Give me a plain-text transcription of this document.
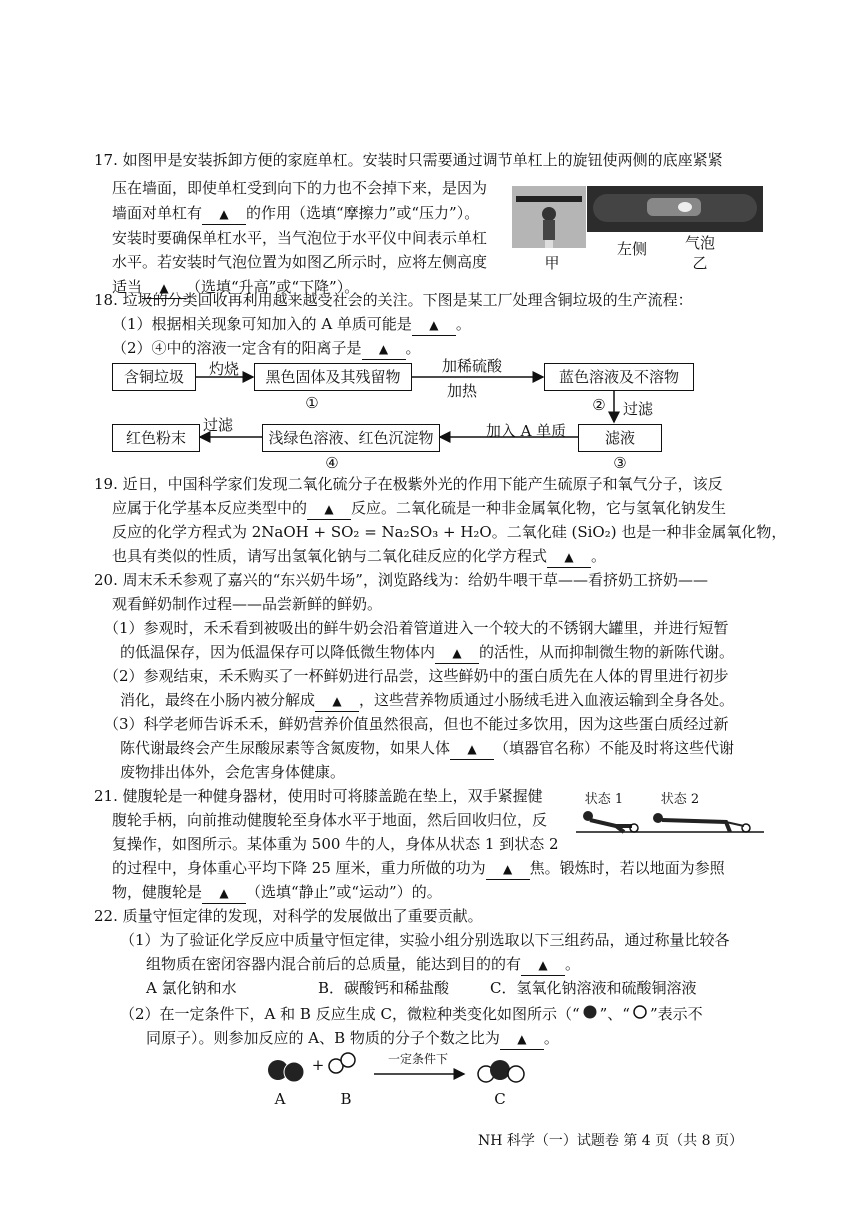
17. 如图甲是安装拆卸方便的家庭单杠。安装时只需要通过调节单杠上的旋钮使两侧的底座紧紧
压在墙面，即使单杠受到向下的力也不会掉下来，是因为
墙面对单杠有 ▲ 的作用（选填“摩擦力”或“压力”）。
安装时要确保单杠水平，当气泡位于水平仪中间表示单杠
水平。若安装时气泡位置为如图乙所示时，应将左侧高度
适当 ▲ （选填“升高”或“下降”）。
甲
左侧	气泡
乙
18. 垃圾的分类回收再利用越来越受社会的关注。下图是某工厂处理含铜垃圾的生产流程：
（1）根据相关现象可知加入的 A 单质可能是 ▲ 。
（2）④中的溶液一定含有的阳离子是 ▲ 。
含铜垃圾	灼烧	黑色固体及其残留物
①
加稀硫酸
加热
蓝色溶液及不溶物
②	过滤
滤液
③
加入 A 单质
浅绿色溶液、红色沉淀物
④
过滤
红色粉末
19. 近日，中国科学家们发现二氧化硫分子在极紫外光的作用下能产生硫原子和氧气分子，该反
应属于化学基本反应类型中的 ▲ 反应。二氧化硫是一种非金属氧化物，它与氢氧化钠发生
反应的化学方程式为 2NaOH + SO₂ = Na₂SO₃ + H₂O。二氧化硅 (SiO₂) 也是一种非金属氧化物，
也具有类似的性质，请写出氢氧化钠与二氧化硅反应的化学方程式 ▲ 。
20. 周末禾禾参观了嘉兴的“东兴奶牛场”，浏览路线为：给奶牛喂干草——看挤奶工挤奶——
观看鲜奶制作过程——品尝新鲜的鲜奶。
（1）参观时，禾禾看到被吸出的鲜牛奶会沿着管道进入一个较大的不锈钢大罐里，并进行短暂
的低温保存，因为低温保存可以降低微生物体内 ▲ 的活性，从而抑制微生物的新陈代谢。
（2）参观结束，禾禾购买了一杯鲜奶进行品尝，这些鲜奶中的蛋白质先在人体的胃里进行初步
消化，最终在小肠内被分解成 ▲ ，这些营养物质通过小肠绒毛进入血液运输到全身各处。
（3）科学老师告诉禾禾，鲜奶营养价值虽然很高，但也不能过多饮用，因为这些蛋白质经过新
陈代谢最终会产生尿酸尿素等含氮废物，如果人体 ▲ （填器官名称）不能及时将这些代谢
废物排出体外，会危害身体健康。
21. 健腹轮是一种健身器材，使用时可将膝盖跪在垫上，双手紧握健
腹轮手柄，向前推动健腹轮至身体水平于地面，然后回收归位，反
复操作，如图所示。某体重为 500 牛的人，身体从状态 1 到状态 2
的过程中，身体重心平均下降 25 厘米，重力所做的功为 ▲ 焦。锻炼时，若以地面为参照
物，健腹轮是 ▲ （选填“静止”或“运动”）的。
状态 1	状态 2
22. 质量守恒定律的发现，对科学的发展做出了重要贡献。
（1）为了验证化学反应中质量守恒定律，实验小组分别选取以下三组药品，通过称量比较各
组物质在密闭容器内混合前后的总质量，能达到目的的有 ▲ 。
A 氯化钠和水	B．碳酸钙和稀盐酸	C．氢氧化钠溶液和硫酸铜溶液
（2）在一定条件下，A 和 B 反应生成 C，微粒种类变化如图所示（“ ”、“ ”表示不
同原子）。则参加反应的 A、B 物质的分子个数之比为 ▲ 。
+	一定条件下
A	B	C
NH 科学（一）试题卷 第 4 页（共 8 页）
